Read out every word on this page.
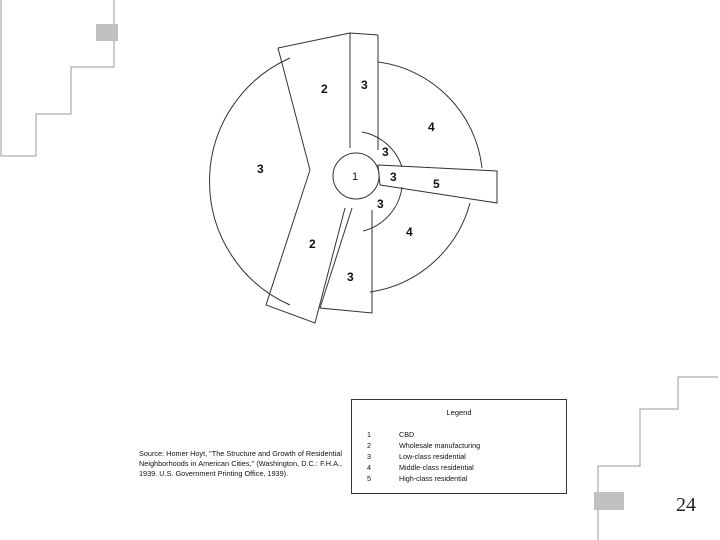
1
2
2
3
3
3
3
3
3
4
4
5
Legend
1	CBD
2	Wholesale manufacturing
3	Low-class residential
4	Middle-class residential
5	High-class residential
Source: Homer Hoyt, "The Structure and Growth of Residential Neighborhoods in American Cities," (Washington, D.C.: F.H.A., 1939. U.S. Government Printing Office, 1939).
24
